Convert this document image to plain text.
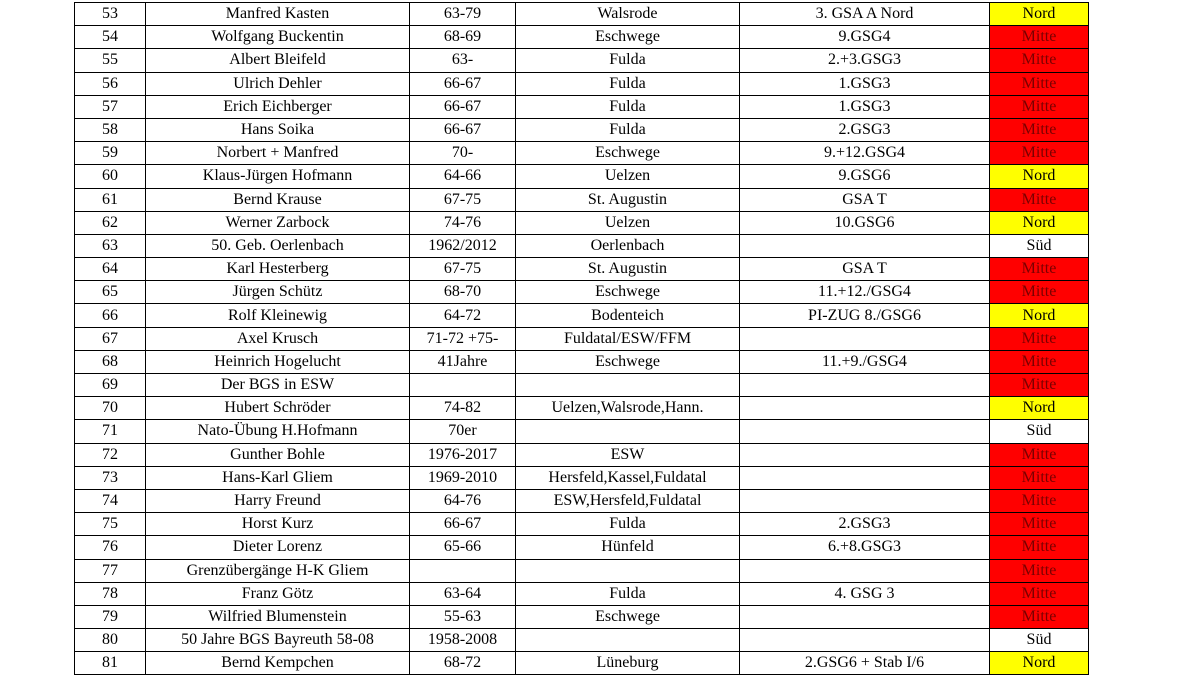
53	Manfred Kasten	63-79	Walsrode	3. GSA A Nord	Nord
54	Wolfgang Buckentin	68-69	Eschwege	9.GSG4	Mitte
55	Albert Bleifeld	63-	Fulda	2.+3.GSG3	Mitte
56	Ulrich Dehler	66-67	Fulda	1.GSG3	Mitte
57	Erich Eichberger	66-67	Fulda	1.GSG3	Mitte
58	Hans Soika	66-67	Fulda	2.GSG3	Mitte
59	Norbert + Manfred	70-	Eschwege	9.+12.GSG4	Mitte
60	Klaus-Jürgen Hofmann	64-66	Uelzen	9.GSG6	Nord
61	Bernd Krause	67-75	St. Augustin	GSA T	Mitte
62	Werner Zarbock	74-76	Uelzen	10.GSG6	Nord
63	50. Geb. Oerlenbach	1962/2012	Oerlenbach		Süd
64	Karl Hesterberg	67-75	St. Augustin	GSA T	Mitte
65	Jürgen Schütz	68-70	Eschwege	11.+12./GSG4	Mitte
66	Rolf Kleinewig	64-72	Bodenteich	PI-ZUG 8./GSG6	Nord
67	Axel Krusch	71-72 +75-	Fuldatal/ESW/FFM		Mitte
68	Heinrich Hogelucht	41Jahre	Eschwege	11.+9./GSG4	Mitte
69	Der BGS in ESW				Mitte
70	Hubert Schröder	74-82	Uelzen,Walsrode,Hann.		Nord
71	Nato-Übung H.Hofmann	70er			Süd
72	Gunther Bohle	1976-2017	ESW		Mitte
73	Hans-Karl Gliem	1969-2010	Hersfeld,Kassel,Fuldatal		Mitte
74	Harry Freund	64-76	ESW,Hersfeld,Fuldatal		Mitte
75	Horst Kurz	66-67	Fulda	2.GSG3	Mitte
76	Dieter Lorenz	65-66	Hünfeld	6.+8.GSG3	Mitte
77	Grenzübergänge H-K Gliem				Mitte
78	Franz Götz	63-64	Fulda	4. GSG 3	Mitte
79	Wilfried Blumenstein	55-63	Eschwege		Mitte
80	50 Jahre BGS Bayreuth 58-08	1958-2008			Süd
81	Bernd Kempchen	68-72	Lüneburg	2.GSG6 + Stab I/6	Nord
